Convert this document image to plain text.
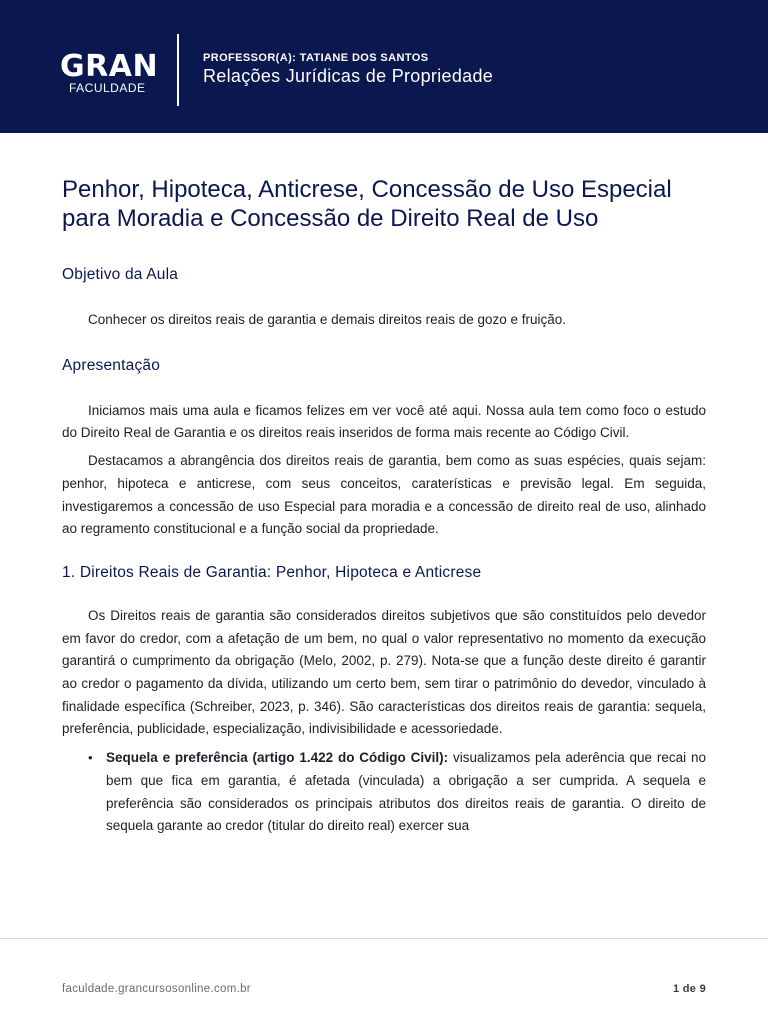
GRAN
FACULDADE
PROFESSOR(A): TATIANE DOS SANTOS
Relações Jurídicas de Propriedade
Penhor, Hipoteca, Anticrese, Concessão de Uso Especial para Moradia e Concessão de Direito Real de Uso
Objetivo da Aula

Conhecer os direitos reais de garantia e demais direitos reais de gozo e fruição.

Apresentação

Iniciamos mais uma aula e ficamos felizes em ver você até aqui. Nossa aula tem como foco o estudo do Direito Real de Garantia e os direitos reais inseridos de forma mais recente ao Código Civil.

Destacamos a abrangência dos direitos reais de garantia, bem como as suas espécies, quais sejam: penhor, hipoteca e anticrese, com seus conceitos, caraterísticas e previsão legal. Em seguida, investigaremos a concessão de uso Especial para moradia e a concessão de direito real de uso, alinhado ao regramento constitucional e a função social da propriedade.

1. Direitos Reais de Garantia: Penhor, Hipoteca e Anticrese

Os Direitos reais de garantia são considerados direitos subjetivos que são constituídos pelo devedor em favor do credor, com a afetação de um bem, no qual o valor representativo no momento da execução garantirá o cumprimento da obrigação (Melo, 2002, p. 279). Nota-se que a função deste direito é garantir ao credor o pagamento da dívida, utilizando um certo bem, sem tirar o patrimônio do devedor, vinculado à finalidade específica (Schreiber, 2023, p. 346). São características dos direitos reais de garantia: sequela, preferência, publicidade, especialização, indivisibilidade e acessoriedade.

• Sequela e preferência (artigo 1.422 do Código Civil): visualizamos pela aderência que recai no bem que fica em garantia, é afetada (vinculada) a obrigação a ser cumprida. A sequela e preferência são considerados os principais atributos dos direitos reais de garantia. O direito de sequela garante ao credor (titular do direito real) exercer sua
faculdade.grancursosonline.com.br	1 de 9
